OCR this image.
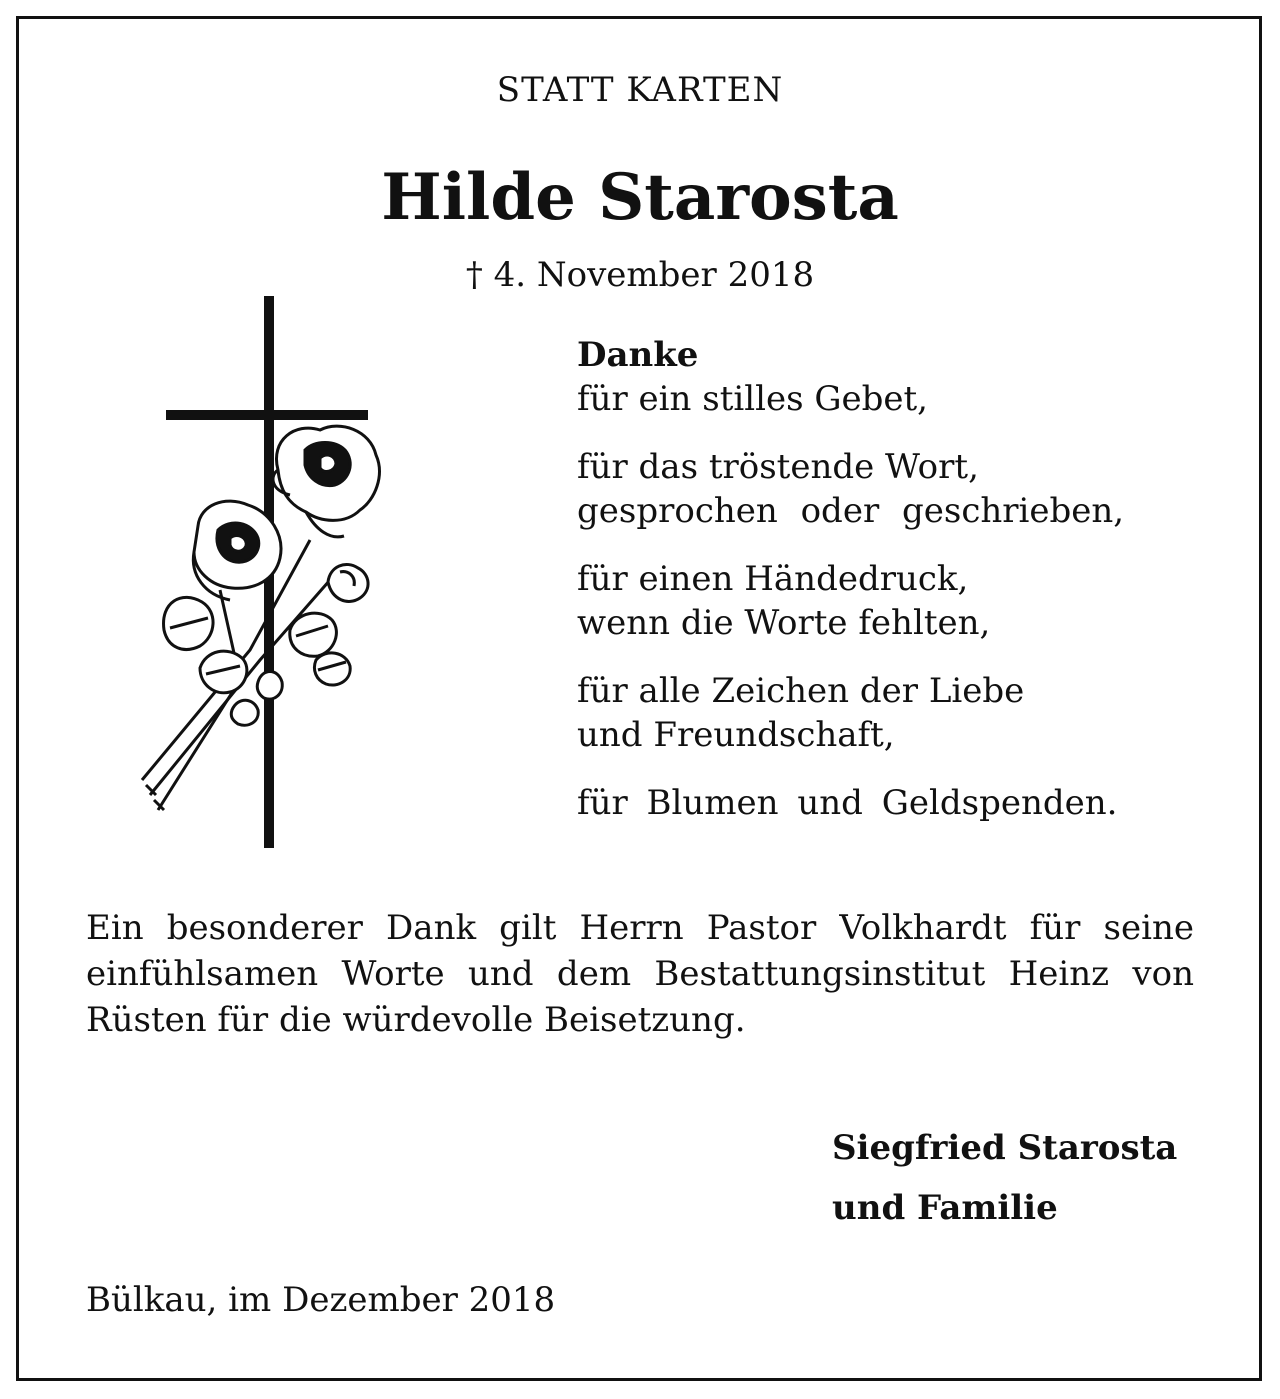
STATT KARTEN
Hilde Starosta
† 4. November 2018
Danke
für ein stilles Gebet,
für das tröstende Wort,
gesprochen oder geschrieben,
für einen Händedruck,
wenn die Worte fehlten,
für alle Zeichen der Liebe
und Freundschaft,
für Blumen und Geldspenden.
Ein besonderer Dank gilt Herrn Pastor Volkhardt für seine einfühlsamen Worte und dem Bestattungsinstitut Heinz von Rüsten für die würdevolle Beisetzung.
Siegfried Starosta
und Familie
Bülkau, im Dezember 2018
